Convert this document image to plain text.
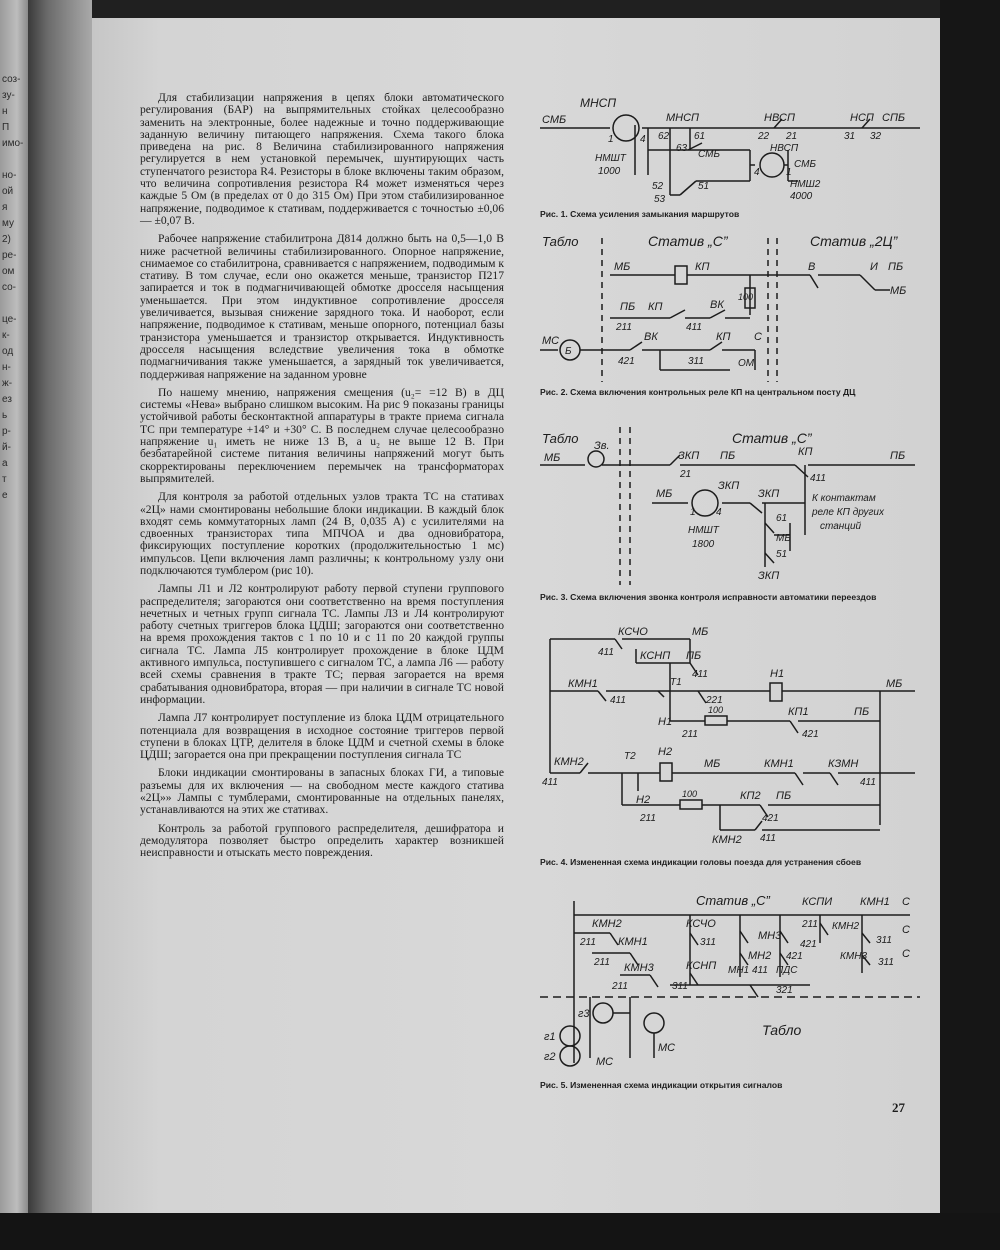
соз-
зу-
н
П
имо-

но-
ой
я
му
2)
ре-
ом
со-

це-
к-
од
н-
ж-
ез
ь
р-
й-
а
т
е

Для стабилизации напряжения в цепях блоки автоматического регулирования (БАР) на выпрямительных стойках целесообразно заменить на электронные, более надежные и точно поддерживающие заданную величину питающего напряжения. Схема такого блока приведена на рис. 8 Величина стабилизированного напряжения регулируется в нем установкой перемычек, шунтирующих часть ступенчатого резистора R4. Резисторы в блоке включены таким образом, что величина сопротивления резистора R4 может изменяться через каждые 5 Ом (в пределах от 0 до 315 Ом) При этом стабилизированное напряжение, подводимое к стативам, поддерживается с точностью ±0,06 — ±0,07 В.

Рабочее напряжение стабилитрона Д814 должно быть на 0,5—1,0 В ниже расчетной величины стабилизированного. Опорное напряжение, снимаемое со стабилитрона, сравнивается с напряжением, подводимым к стативу. В том случае, если оно окажется меньше, транзистор П217 запирается и ток в подмагничивающей обмотке дросселя насыщения уменьшается. При этом индуктивное сопротивление дросселя увеличивается, вызывая снижение зарядного тока. И наоборот, если напряжение, подводимое к стативам, меньше опорного, потенциал базы транзистора уменьшается и транзистор открывается. Индуктивность дросселя насыщения вследствие увеличения тока в обмотке подмагничивания также уменьшается, а зарядный ток увеличивается, поддерживая напряжение на заданном уровне

По нашему мнению, напряжения смещения (u₂= =12 В) в ДЦ системы «Нева» выбрано слишком высоким. На рис 9 показаны границы устойчивой работы бесконтактной аппаратуры в тракте приема сигнала ТС при температуре +14° и +30° С. В последнем случае целесообразно напряжение u₁ иметь не ниже 13 В, а u₂ не выше 12 В. При безбатарейной системе питания величины напряжений могут быть скорректированы переключением перемычек на трансформаторах выпрямителей.

Для контроля за работой отдельных узлов тракта ТС на стативах «2Ц» нами смонтированы небольшие блоки индикации. В каждый блок входят семь коммутаторных ламп (24 В, 0,035 А) с усилителями на сдвоенных транзисторах типа МПЧОА и два одновибратора, фиксирующих поступление коротких (продолжительностью 1 мс) импульсов. Цепи включения ламп различны; к контрольному узлу они подключаются тумблером (рис 10).

Лампы Л1 и Л2 контролируют работу первой ступени группового распределителя; загораются они соответственно на время поступления нечетных и четных групп сигнала ТС. Лампы Л3 и Л4 контролируют работу счетных триггеров блока ЦДШ; загораются они соответственно на время прохождения тактов с 1 по 10 и с 11 по 20 каждой группы сигнала ТС. Лампа Л5 контролирует прохождение в блоке ЦДМ активного импульса, поступившего с сигналом ТС, а лампа Л6 — работу всей схемы сравнения в тракте ТС; первая загорается на время срабатывания одновибратора, вторая — при наличии в сигнале ТС новой информации.

Лампа Л7 контролирует поступление из блока ЦДМ отрицательного потенциала для возвращения в исходное состояние триггеров первой ступени в блоках ЦТР, делителя в блоке ЦДМ и счетной схемы в блоке ЦДШ; загорается она при прекращении поступления сигнала ТС

Блоки индикации смонтированы в запасных блоках ГИ, а типовые разъемы для их включения — на свободном месте каждого статива «2Ц»» Лампы с тумблерами, смонтированные на отдельных панелях, устанавливаются на этих же стативах.

Контроль за работой группового распределителя, дешифратора и демодулятора позволяет быстро определить характер возникшей неисправности и отыскать место повреждения.

МНСП
СМБ
1	4
НМШТ
1000
МНСП
62 61
63
СМБ
52	51
53
НВСП
22 21
НВСП
4	1
СМБ
НМШ2
4000
НСП СПБ
31 32
Рис. 1. Схема усиления замыкания маршрутов
Табло	Статив „С”	Статив „2Ц”
МБ	КП
100
В	И ПБ
МБ
ПБ КП
211	411
ВК
МС
Б
ВК	КП С
421	311	ОМ
Рис. 2. Схема включения контрольных реле КП на центральном посту ДЦ
Табло	Статив „С”
МБ
Зв.
ЗКП
21
ПБ	КП
411
ПБ
МБ
ЗКП
1 4
НМШТ
1800
ЗКП
61
МБ
51
ЗКП
К контактам
реле КП других
станций
Рис. 3. Схема включения звонка контроля исправности автоматики переездов
КСЧО	МБ
411 КСНП ПБ
411
КМН1	Т1
411	221
Н1
МБ
Н1
100	КП1	ПБ
211	421
КМН2
411
Т2 Н2
МБ	КМН1	КЗМН
411
Н2	100	КП2 ПБ
211	421
КМН2 411
Рис. 4. Измененная схема индикации головы поезда для устранения сбоев
Статив „С”	КСПИ	КМН1 С
КМН2	КСЧО
211 КМН1	311
МН3
КМН2
211
421	311
С
211
МН2 421	КМН3
311
С
КМН3	КСНП МН1 411 ПДС
311
211	321
г3
г1
г2	МС
МС
Табло
Рис. 5. Измененная схема индикации открытия сигналов
27
